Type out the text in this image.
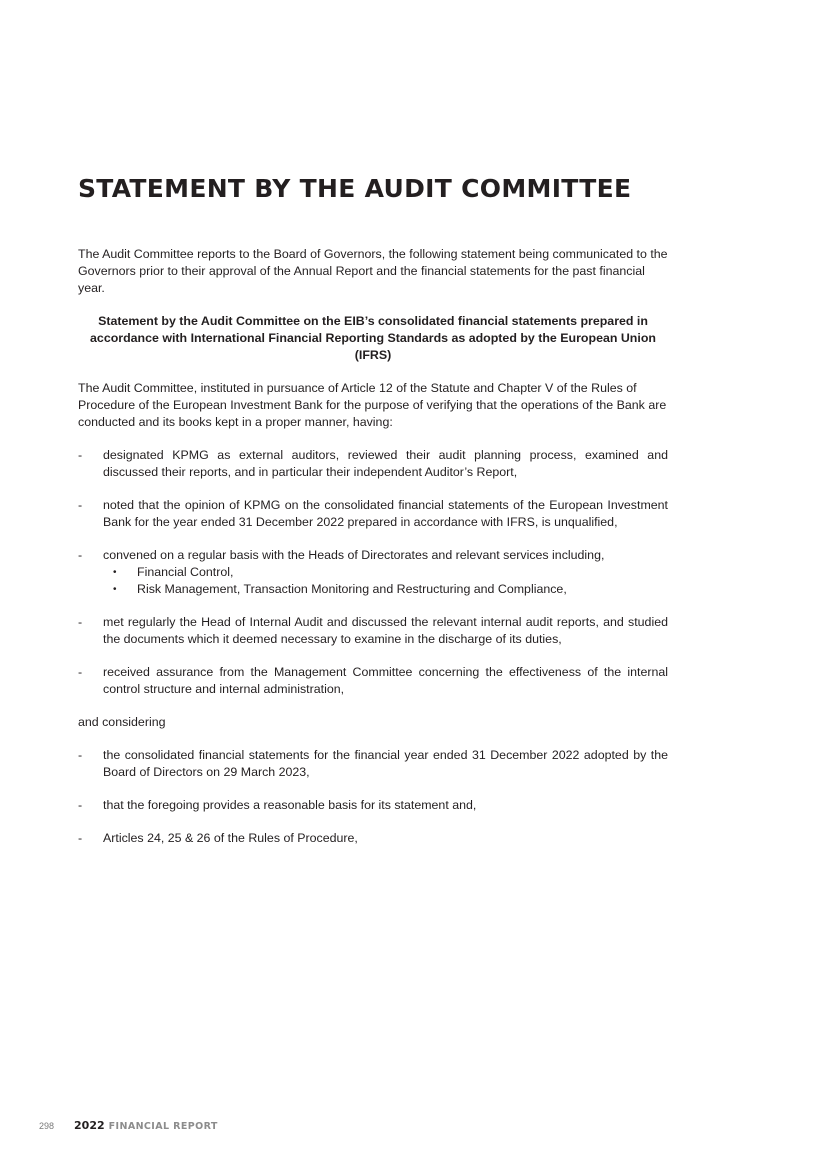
STATEMENT BY THE AUDIT COMMITTEE

The Audit Committee reports to the Board of Governors, the following statement being communicated to the Governors prior to their approval of the Annual Report and the financial statements for the past financial year.

Statement by the Audit Committee on the EIB’s consolidated financial statements prepared in accordance with International Financial Reporting Standards as adopted by the European Union (IFRS)

The Audit Committee, instituted in pursuance of Article 12 of the Statute and Chapter V of the Rules of Procedure of the European Investment Bank for the purpose of verifying that the operations of the Bank are conducted and its books kept in a proper manner, having:

- designated KPMG as external auditors, reviewed their audit planning process, examined and discussed their reports, and in particular their independent Auditor’s Report,
- noted that the opinion of KPMG on the consolidated financial statements of the European Investment Bank for the year ended 31 December 2022 prepared in accordance with IFRS, is unqualified,
- convened on a regular basis with the Heads of Directorates and relevant services including,
• Financial Control,
• Risk Management, Transaction Monitoring and Restructuring and Compliance,
- met regularly the Head of Internal Audit and discussed the relevant internal audit reports, and studied the documents which it deemed necessary to examine in the discharge of its duties,
- received assurance from the Management Committee concerning the effectiveness of the internal control structure and internal administration,

and considering

- the consolidated financial statements for the financial year ended 31 December 2022 adopted by the Board of Directors on 29 March 2023,
- that the foregoing provides a reasonable basis for its statement and,
- Articles 24, 25 & 26 of the Rules of Procedure,
298 2022 FINANCIAL REPORT
